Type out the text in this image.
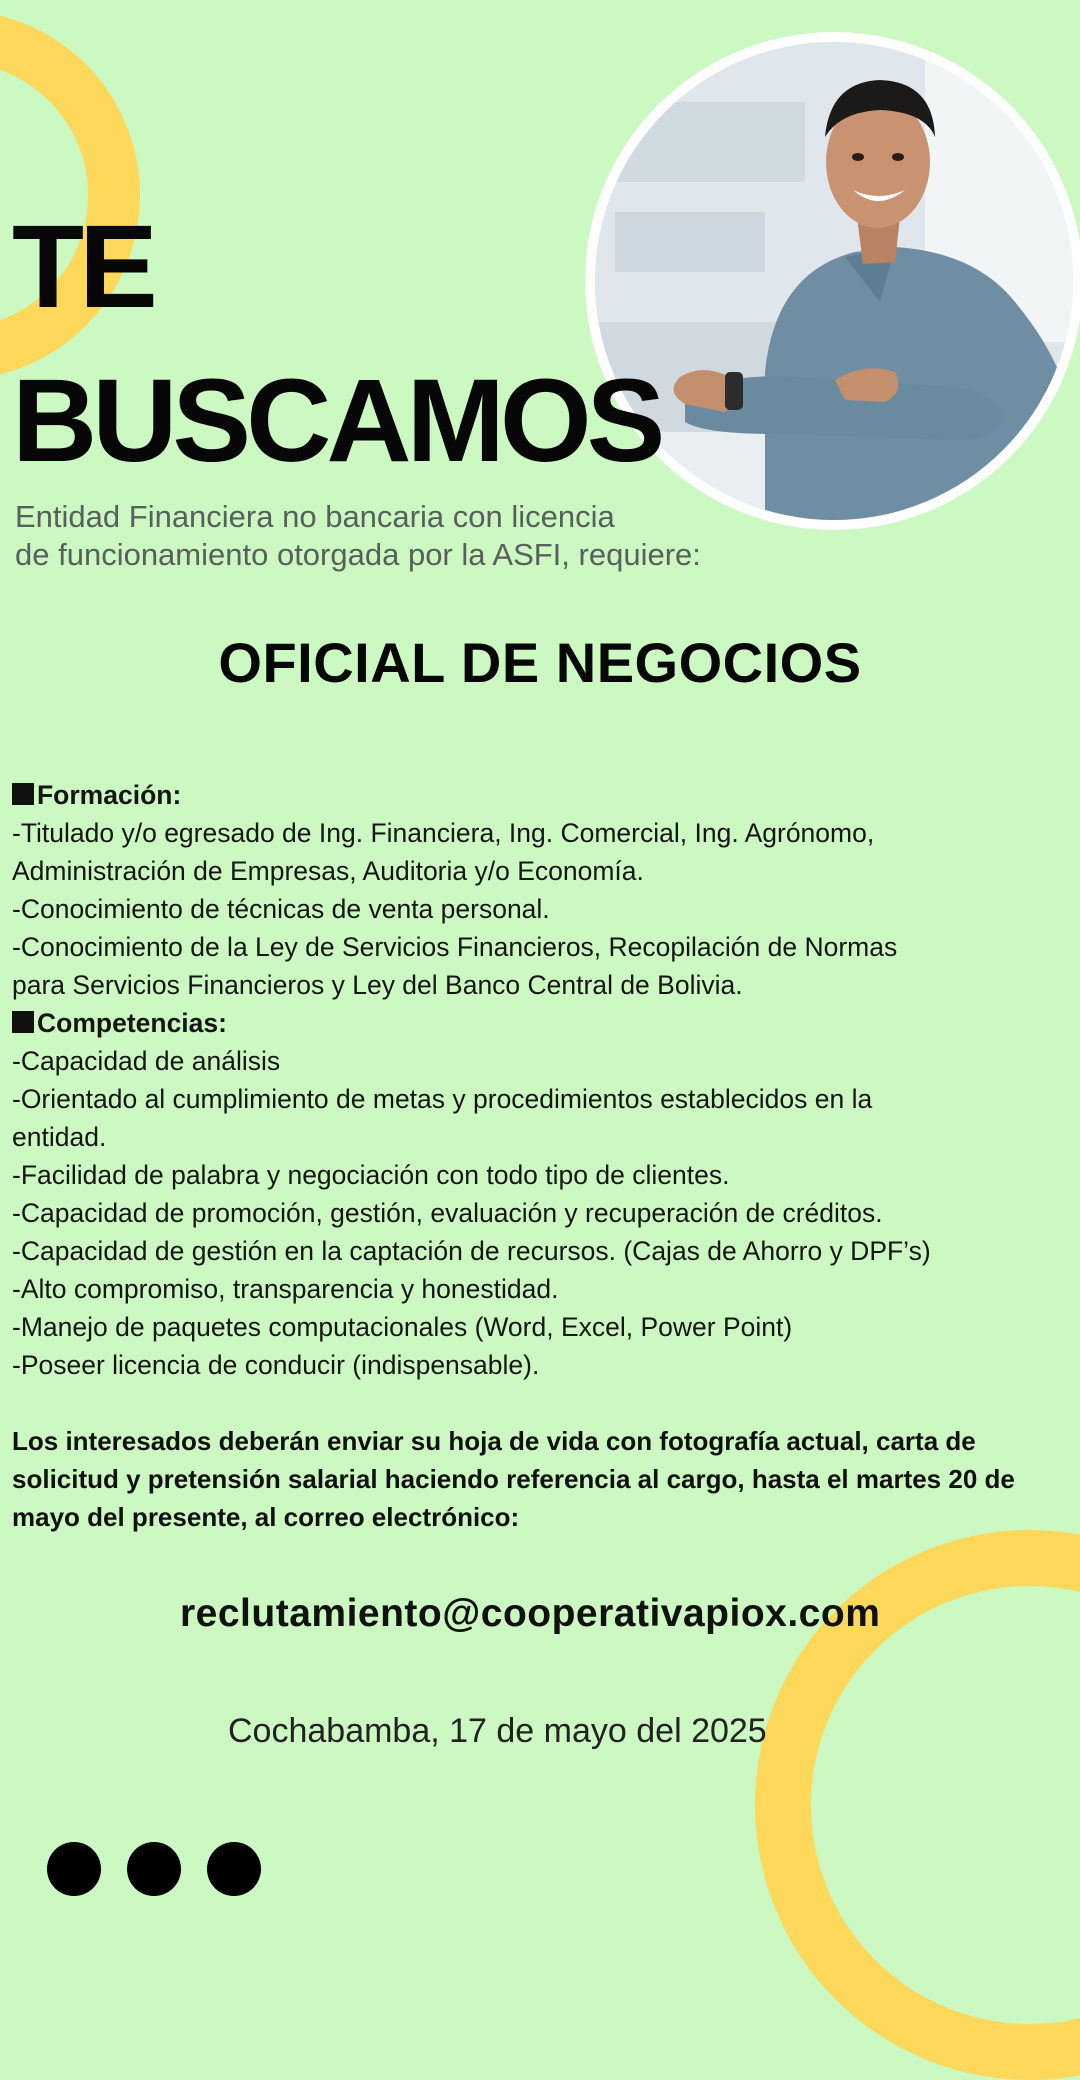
TE
BUSCAMOS

Entidad Financiera no bancaria con licencia
de funcionamiento otorgada por la ASFI, requiere:

OFICIAL DE NEGOCIOS
Formación:
-Titulado y/o egresado de Ing. Financiera, Ing. Comercial, Ing. Agrónomo,
Administración de Empresas, Auditoria y/o Economía.
-Conocimiento de técnicas de venta personal.
-Conocimiento de la Ley de Servicios Financieros, Recopilación de Normas
para Servicios Financieros y Ley del Banco Central de Bolivia.
Competencias:
-Capacidad de análisis
-Orientado al cumplimiento de metas y procedimientos establecidos en la
entidad.
-Facilidad de palabra y negociación con todo tipo de clientes.
-Capacidad de promoción, gestión, evaluación y recuperación de créditos.
-Capacidad de gestión en la captación de recursos. (Cajas de Ahorro y DPF’s)
-Alto compromiso, transparencia y honestidad.
-Manejo de paquetes computacionales (Word, Excel, Power Point)
-Poseer licencia de conducir (indispensable).

Los interesados deberán enviar su hoja de vida con fotografía actual, carta de solicitud y pretensión salarial haciendo referencia al cargo, hasta el martes 20 de mayo del presente, al correo electrónico:

reclutamiento@cooperativapiox.com

Cochabamba, 17 de mayo del 2025
